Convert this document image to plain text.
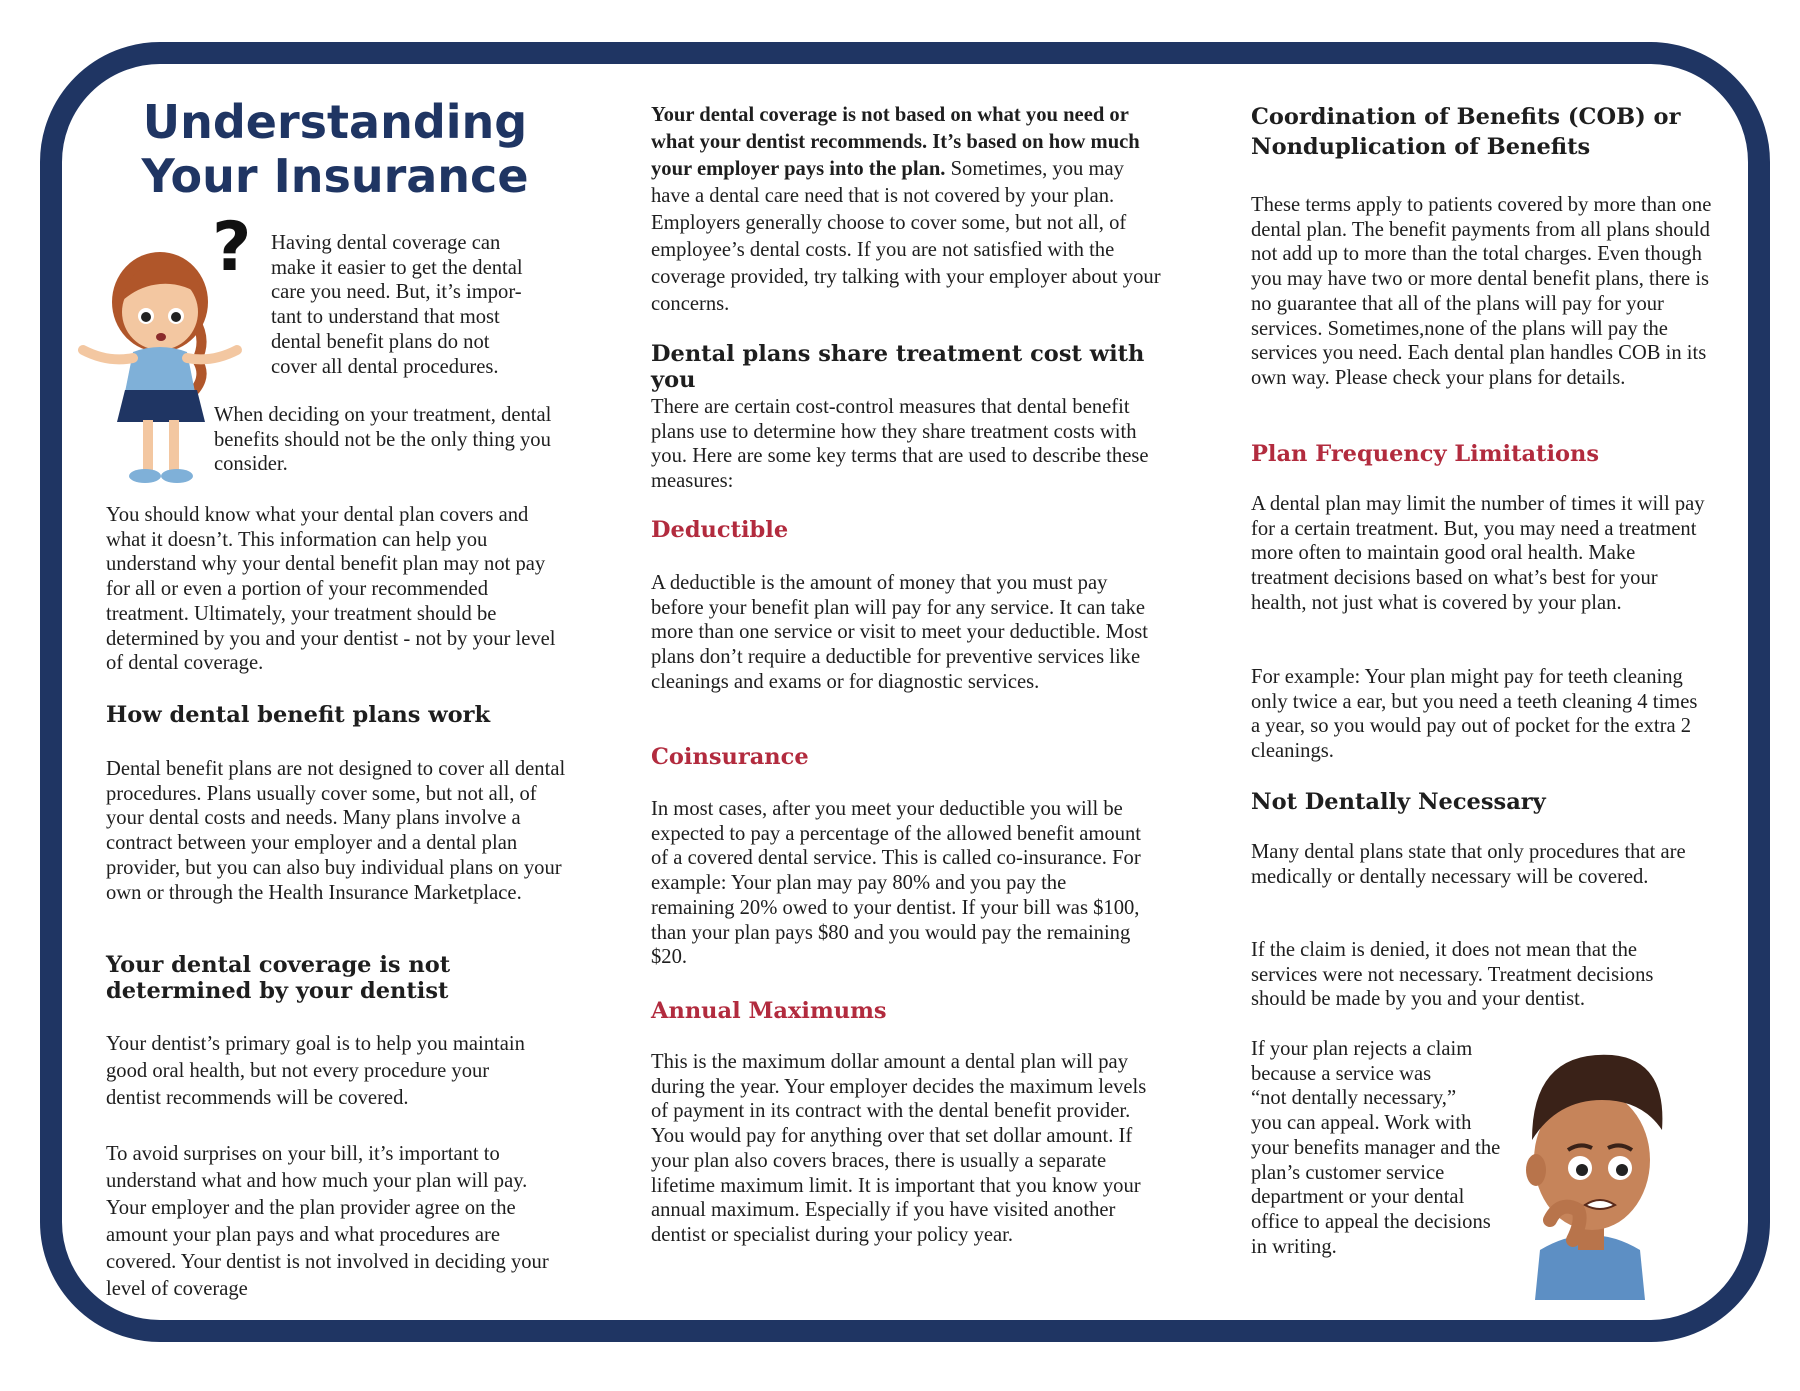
Understanding
Your Insurance
? Having dental coverage can

make it easier to get the dental

care you need. But, it’s impor-

tant to understand that most

dental benefit plans do not

cover all dental procedures.

When deciding on your treatment, dental benefits should not be the only thing you consider.

You should know what your dental plan covers and what it doesn’t. This information can help you understand why your dental benefit plan may not pay for all or even a portion of your recommended treatment. Ultimately, your treatment should be determined by you and your dentist - not by your level of dental coverage.

How dental benefit plans work

Dental benefit plans are not designed to cover all dental procedures. Plans usually cover some, but not all, of your dental costs and needs. Many plans involve a contract between your employer and a dental plan provider, but you can also buy individual plans on your own or through the Health Insurance Marketplace.

Your dental coverage is not determined by your dentist

Your dentist’s primary goal is to help you maintain good oral health, but not every procedure your dentist recommends will be covered.

To avoid surprises on your bill, it’s important to understand what and how much your plan will pay. Your employer and the plan provider agree on the amount your plan pays and what procedures are covered. Your dentist is not involved in deciding your level of coverage

Your dental coverage is not based on what you need or what your dentist recommends. It’s based on how much your employer pays into the plan. Sometimes, you may have a dental care need that is not covered by your plan. Employers generally choose to cover some, but not all, of employee’s dental costs. If you are not satisfied with the coverage provided, try talking with your employer about your concerns.

Dental plans share treatment cost with you

There are certain cost-control measures that dental benefit plans use to determine how they share treatment costs with you. Here are some key terms that are used to describe these measures:

Deductible

A deductible is the amount of money that you must pay before your benefit plan will pay for any service. It can take more than one service or visit to meet your deductible. Most plans don’t require a deductible for preventive services like cleanings and exams or for diagnostic services.

Coinsurance

In most cases, after you meet your deductible you will be expected to pay a percentage of the allowed benefit amount of a covered dental service. This is called co-insurance. For example: Your plan may pay 80% and you pay the remaining 20% owed to your dentist. If your bill was $100, than your plan pays $80 and you would pay the remaining $20.

Annual Maximums

This is the maximum dollar amount a dental plan will pay during the year. Your employer decides the maximum levels of payment in its contract with the dental benefit provider. You would pay for anything over that set dollar amount. If your plan also covers braces, there is usually a separate lifetime maximum limit. It is important that you know your annual maximum. Especially if you have visited another dentist or specialist during your policy year.

Coordination of Benefits (COB) or Nonduplication of Benefits

These terms apply to patients covered by more than one dental plan. The benefit payments from all plans should not add up to more than the total charges. Even though you may have two or more dental benefit plans, there is no guarantee that all of the plans will pay for your services. Sometimes,none of the plans will pay the services you need. Each dental plan handles COB in its own way. Please check your plans for details.

Plan Frequency Limitations

A dental plan may limit the number of times it will pay for a certain treatment. But, you may need a treatment more often to maintain good oral health. Make treatment decisions based on what’s best for your health, not just what is covered by your plan.

For example: Your plan might pay for teeth cleaning only twice a ear, but you need a teeth cleaning 4 times a year, so you would pay out of pocket for the extra 2 cleanings.

Not Dentally Necessary

Many dental plans state that only procedures that are medically or dentally necessary will be covered.

If the claim is denied, it does not mean that the services were not necessary. Treatment decisions should be made by you and your dentist.

If your plan rejects a claim

because a service was

“not dentally necessary,”

you can appeal. Work with

your benefits manager and the

plan’s customer service

department or your dental

office to appeal the decisions

in writing.
